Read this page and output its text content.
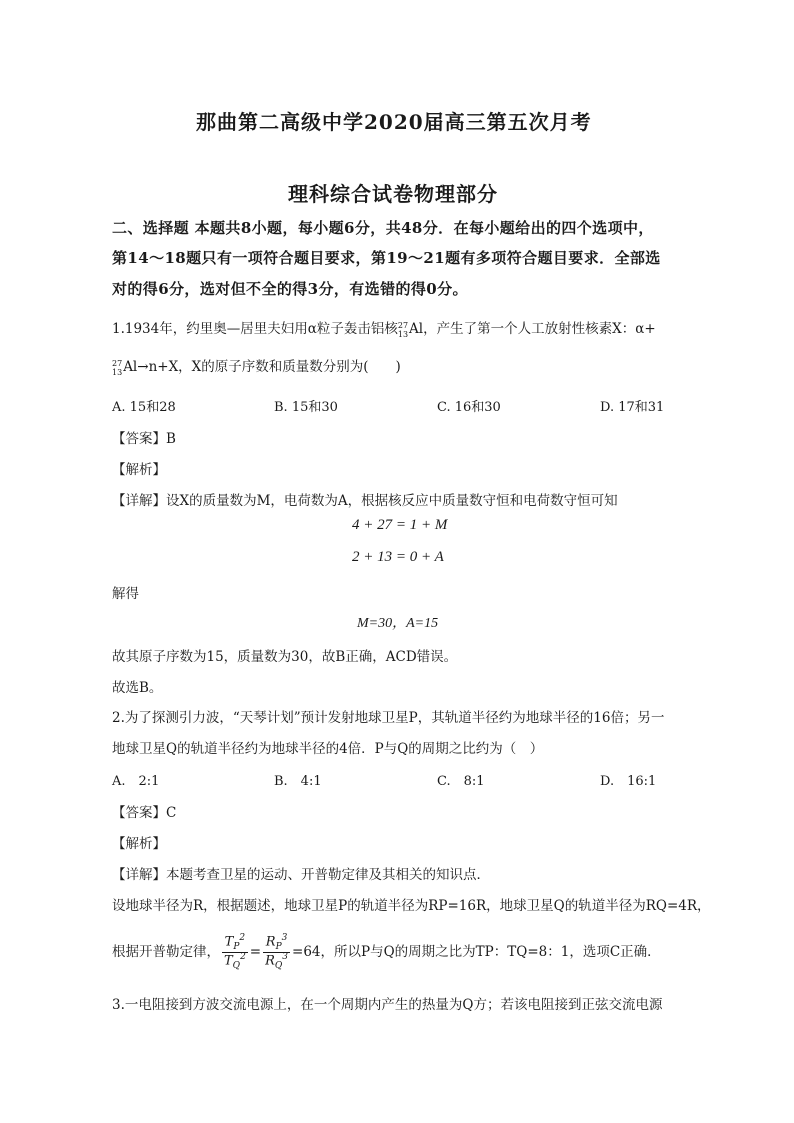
那曲第二高级中学2020届高三第五次月考
理科综合试卷物理部分
二、选择题 本题共8小题，每小题6分，共48分．在每小题给出的四个选项中，
第14～18题只有一项符合题目要求，第19～21题有多项符合题目要求．全部选
对的得6分，选对但不全的得3分，有选错的得0分。
1.1934年，约里奥—居里夫妇用α粒子轰击铝核 27
13 Al，产生了第一个人工放射性核素X：α+
27
13 Al→n+X，X的原子序数和质量数分别为(　　)
A. 15和28	B. 15和30	C. 16和30	D. 17和31
【答案】B
【解析】
【详解】设X的质量数为M，电荷数为A，根据核反应中质量数守恒和电荷数守恒可知
4 + 27 = 1 + M
2 + 13 = 0 + A
解得
M=30，A=15
故其原子序数为15，质量数为30，故B正确，ACD错误。
故选B。
2.为了探测引力波，“天琴计划”预计发射地球卫星P，其轨道半径约为地球半径的16倍；另一
地球卫星Q的轨道半径约为地球半径的4倍．P与Q的周期之比约为（　）
A.　2:1	B.　4:1	C.　8:1	D.　16:1
【答案】C
【解析】
【详解】本题考查卫星的运动、开普勒定律及其相关的知识点．
设地球半径为R，根据题述，地球卫星P的轨道半径为RP=16R，地球卫星Q的轨道半径为RQ=4R，
根据开普勒定律， $\frac{T_P^2}{T_Q^2} = \frac{R_P^3}{R_Q^3} =64$，所以P与Q的周期之比为TP：TQ=8：1，选项C正确．
3.一电阻接到方波交流电源上，在一个周期内产生的热量为Q方；若该电阻接到正弦交流电源
